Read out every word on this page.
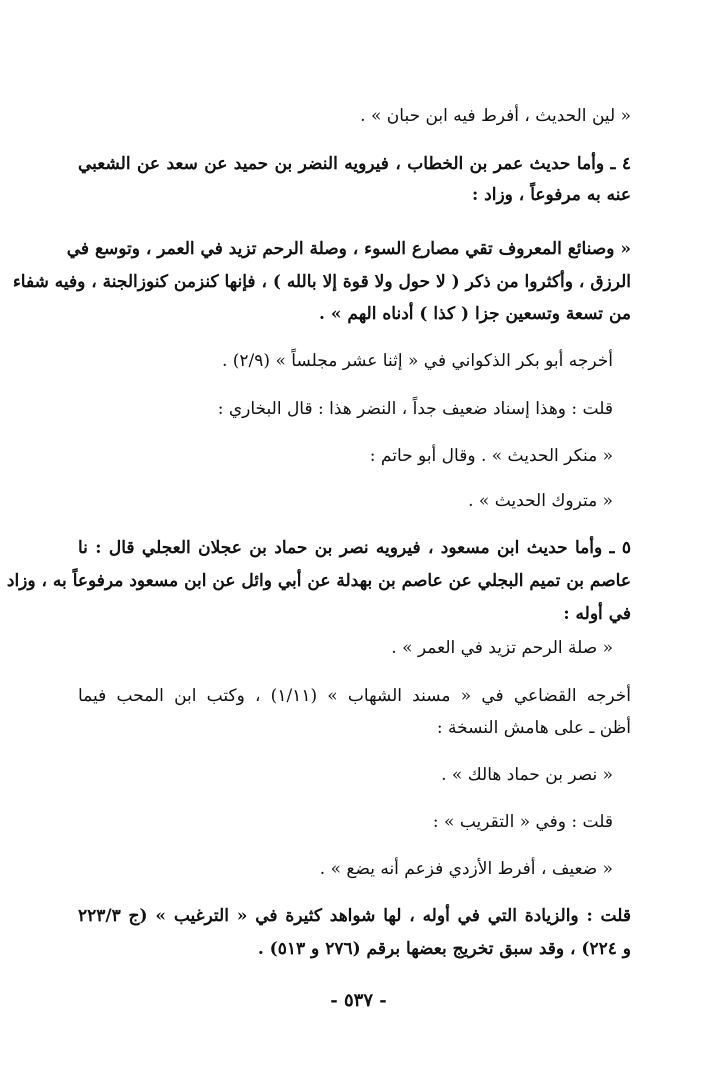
« لين الحديث ، أفرط فيه ابن حبان » .
٤ ـ وأما حديث عمر بن الخطاب ، فيرويه النضر بن حميد عن سعد عن الشعبي
عنه به مرفوعاً ، وزاد :
« وصنائع المعروف تقي مصارع السوء ، وصلة الرحم تزيد في العمر ، وتوسع في
الرزق ، وأكثروا من ذكر ( لا حول ولا قوة إلا بالله ) ، فإنها كنزمن كنوزالجنة ، وفيه شفاء
من تسعة وتسعين جزا ( كذا ) أدناه الهم » .
أخرجه أبو بكر الذكواني في « إثنا عشر مجلساً » (٢/٩) .
قلت : وهذا إسناد ضعيف جداً ، النضر هذا : قال البخاري :
« منكر الحديث » . وقال أبو حاتم :
« متروك الحديث » .
٥ ـ وأما حديث ابن مسعود ، فيرويه نصر بن حماد بن عجلان العجلي قال : نا
عاصم بن تميم البجلي عن عاصم بن بهدلة عن أبي وائل عن ابن مسعود مرفوعاً به ، وزاد
في أوله :
« صلة الرحم تزيد في العمر » .
أخرجه القضاعي في « مسند الشهاب » (١/١١) ، وكتب ابن المحب فيما
أظن ـ على هامش النسخة :
« نصر بن حماد هالك » .
قلت : وفي « التقريب » :
« ضعيف ، أفرط الأزدي فزعم أنه يضع » .
قلت : والزيادة التي في أوله ، لها شواهد كثيرة في « الترغيب » (ج ٢٢٣/٣
و ٢٢٤) ، وقد سبق تخريج بعضها برقم (٢٧٦ و ٥١٣) .
- ٥٣٧ -
